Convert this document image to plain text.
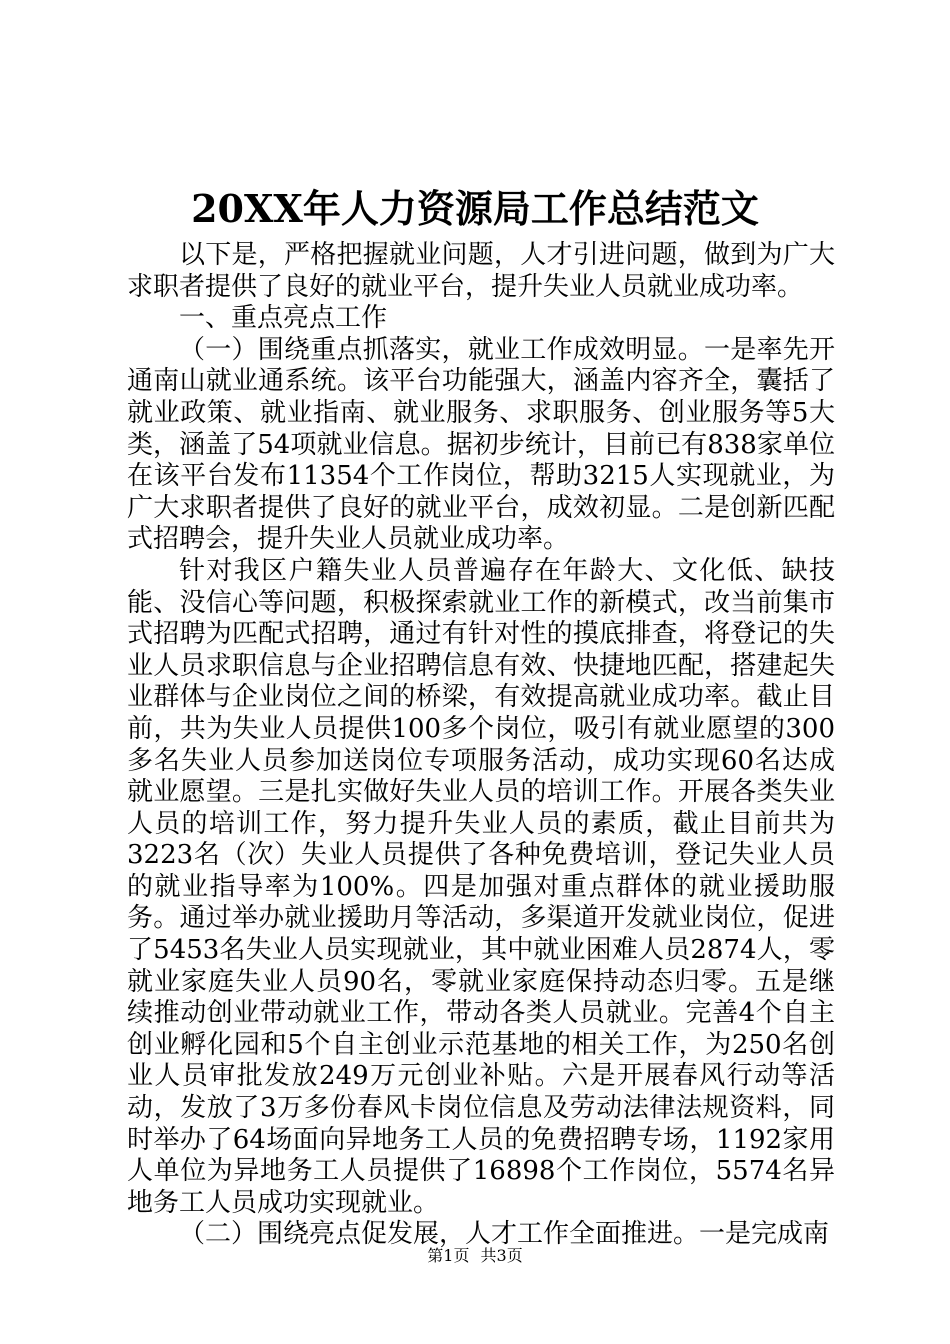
20XX年人力资源局工作总结范文

以下是，严格把握就业问题，人才引进问题，做到为广大求职者提供了良好的就业平台，提升失业人员就业成功率。

一、重点亮点工作

（一）围绕重点抓落实，就业工作成效明显。一是率先开通南山就业通系统。该平台功能强大，涵盖内容齐全，囊括了就业政策、就业指南、就业服务、求职服务、创业服务等5大类，涵盖了54项就业信息。据初步统计，目前已有838家单位在该平台发布11354个工作岗位，帮助3215人实现就业，为广大求职者提供了良好的就业平台，成效初显。二是创新匹配式招聘会，提升失业人员就业成功率。

针对我区户籍失业人员普遍存在年龄大、文化低、缺技能、没信心等问题，积极探索就业工作的新模式，改当前集市式招聘为匹配式招聘，通过有针对性的摸底排查，将登记的失业人员求职信息与企业招聘信息有效、快捷地匹配，搭建起失业群体与企业岗位之间的桥梁，有效提高就业成功率。截止目前，共为失业人员提供100多个岗位，吸引有就业愿望的300多名失业人员参加送岗位专项服务活动，成功实现60名达成就业愿望。三是扎实做好失业人员的培训工作。开展各类失业人员的培训工作，努力提升失业人员的素质，截止目前共为3223名（次）失业人员提供了各种免费培训，登记失业人员的就业指导率为100%。四是加强对重点群体的就业援助服务。通过举办就业援助月等活动，多渠道开发就业岗位，促进了5453名失业人员实现就业，其中就业困难人员2874人，零就业家庭失业人员90名，零就业家庭保持动态归零。五是继续推动创业带动就业工作，带动各类人员就业。完善4个自主创业孵化园和5个自主创业示范基地的相关工作，为250名创业人员审批发放249万元创业补贴。六是开展春风行动等活动，发放了3万多份春风卡岗位信息及劳动法律法规资料，同时举办了64场面向异地务工人员的免费招聘专场，1192家用人单位为异地务工人员提供了16898个工作岗位，5574名异地务工人员成功实现就业。

（二）围绕亮点促发展，人才工作全面推进。一是完成南

第1页 共3页
